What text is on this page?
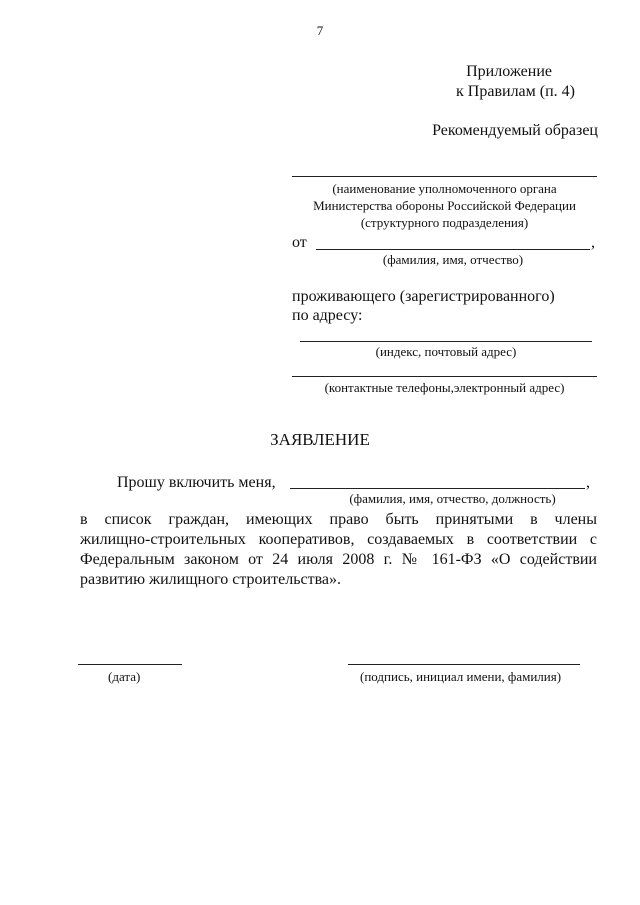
7
Приложение
к Правилам (п. 4)
Рекомендуемый образец
(наименование уполномоченного органа
Министерства обороны Российской Федерации
(структурного подразделения)
от	,
(фамилия, имя, отчество)
проживающего (зарегистрированного)
по адресу:
(индекс, почтовый адрес)
(контактные телефоны,электронный адрес)
ЗАЯВЛЕНИЕ
Прошу включить меня,	,
(фамилия, имя, отчество, должность)
в список граждан, имеющих право быть принятыми в члены
жилищно-строительных кооперативов, создаваемых в соответствии с
Федеральным законом от 24 июля 2008 г. № 161-ФЗ «О содействии
развитию жилищного строительства».
(дата)	(подпись, инициал имени, фамилия)
